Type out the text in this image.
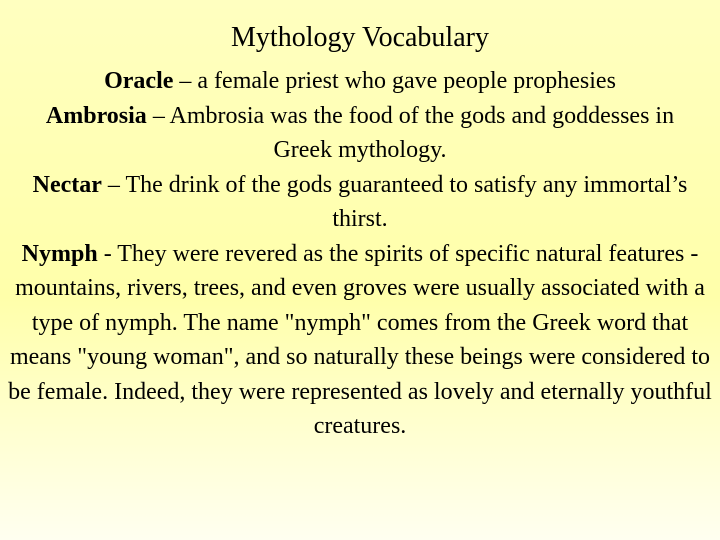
Mythology Vocabulary

Oracle – a female priest who gave people prophesies

Ambrosia – Ambrosia was the food of the gods and goddesses in Greek mythology.

Nectar – The drink of the gods guaranteed to satisfy any immortal’s thirst.

Nymph - They were revered as the spirits of specific natural features - mountains, rivers, trees, and even groves were usually associated with a type of nymph. The name "nymph" comes from the Greek word that means "young woman", and so naturally these beings were considered to be female. Indeed, they were represented as lovely and eternally youthful creatures.
